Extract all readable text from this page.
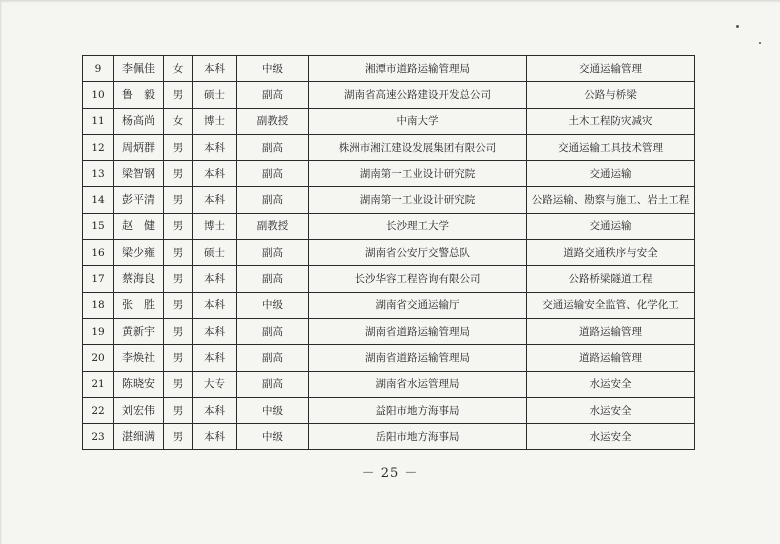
9	李佩佳	女	本科	中级	湘潭市道路运输管理局	交通运输管理
10	鲁　毅	男	硕士	副高	湖南省高速公路建设开发总公司	公路与桥梁
11	杨高尚	女	博士	副教授	中南大学	土木工程防灾减灾
12	周炳群	男	本科	副高	株洲市湘江建设发展集团有限公司	交通运输工具技术管理
13	梁智钢	男	本科	副高	湖南第一工业设计研究院	交通运输
14	彭平清	男	本科	副高	湖南第一工业设计研究院	公路运输、勘察与施工、岩土工程
15	赵　健	男	博士	副教授	长沙理工大学	交通运输
16	梁少雍	男	硕士	副高	湖南省公安厅交警总队	道路交通秩序与安全
17	蔡海良	男	本科	副高	长沙华容工程咨询有限公司	公路桥梁隧道工程
18	张　胜	男	本科	中级	湖南省交通运输厅	交通运输安全监管、化学化工
19	黄新宇	男	本科	副高	湖南省道路运输管理局	道路运输管理
20	李焕社	男	本科	副高	湖南省道路运输管理局	道路运输管理
21	陈晓安	男	大专	副高	湖南省水运管理局	水运安全
22	刘宏伟	男	本科	中级	益阳市地方海事局	水运安全
23	湛细满	男	本科	中级	岳阳市地方海事局	水运安全
－ 25 －
